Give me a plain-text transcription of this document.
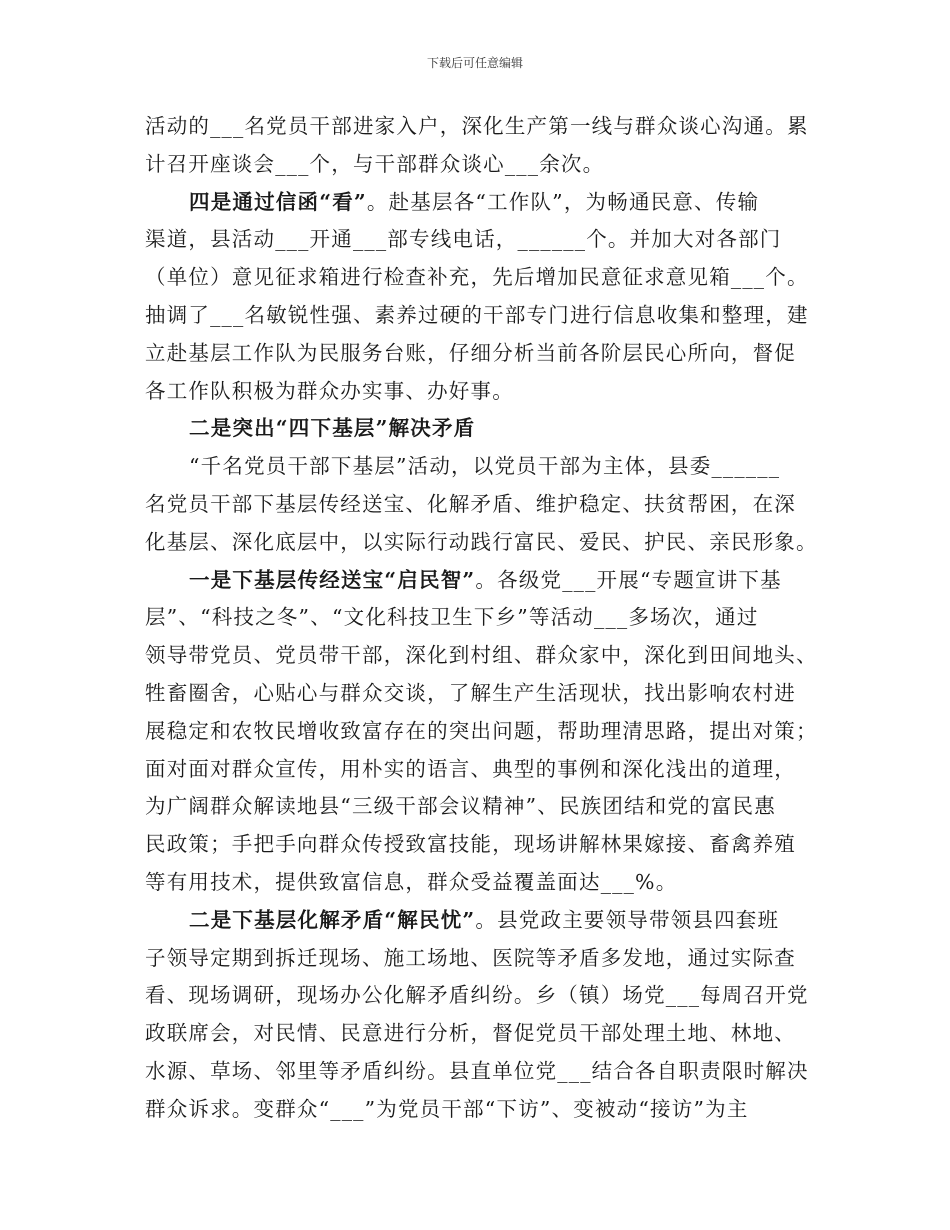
下载后可任意编辑
活动的___名党员干部进家入户，深化生产第一线与群众谈心沟通。累
计召开座谈会___个，与干部群众谈心___余次。
四是通过信函“看”。赴基层各“工作队”，为畅通民意、传输
渠道，县活动___开通___部专线电话，______个。并加大对各部门
（单位）意见征求箱进行检查补充，先后增加民意征求意见箱___个。
抽调了___名敏锐性强、素养过硬的干部专门进行信息收集和整理，建
立赴基层工作队为民服务台账，仔细分析当前各阶层民心所向，督促
各工作队积极为群众办实事、办好事。
二是突出“四下基层”解决矛盾
“千名党员干部下基层”活动，以党员干部为主体，县委______
名党员干部下基层传经送宝、化解矛盾、维护稳定、扶贫帮困，在深
化基层、深化底层中，以实际行动践行富民、爱民、护民、亲民形象。
一是下基层传经送宝“启民智”。各级党___开展“专题宣讲下基
层”、“科技之冬”、“文化科技卫生下乡”等活动___多场次，通过
领导带党员、党员带干部，深化到村组、群众家中，深化到田间地头、
牲畜圈舍，心贴心与群众交谈，了解生产生活现状，找出影响农村进
展稳定和农牧民增收致富存在的突出问题，帮助理清思路，提出对策；
面对面对群众宣传，用朴实的语言、典型的事例和深化浅出的道理，
为广阔群众解读地县“三级干部会议精神”、民族团结和党的富民惠
民政策；手把手向群众传授致富技能，现场讲解林果嫁接、畜禽养殖
等有用技术，提供致富信息，群众受益覆盖面达___%。
二是下基层化解矛盾“解民忧”。县党政主要领导带领县四套班
子领导定期到拆迁现场、施工场地、医院等矛盾多发地，通过实际查
看、现场调研，现场办公化解矛盾纠纷。乡（镇）场党___每周召开党
政联席会，对民情、民意进行分析，督促党员干部处理土地、林地、
水源、草场、邻里等矛盾纠纷。县直单位党___结合各自职责限时解决
群众诉求。变群众“___”为党员干部“下访”、变被动“接访”为主
